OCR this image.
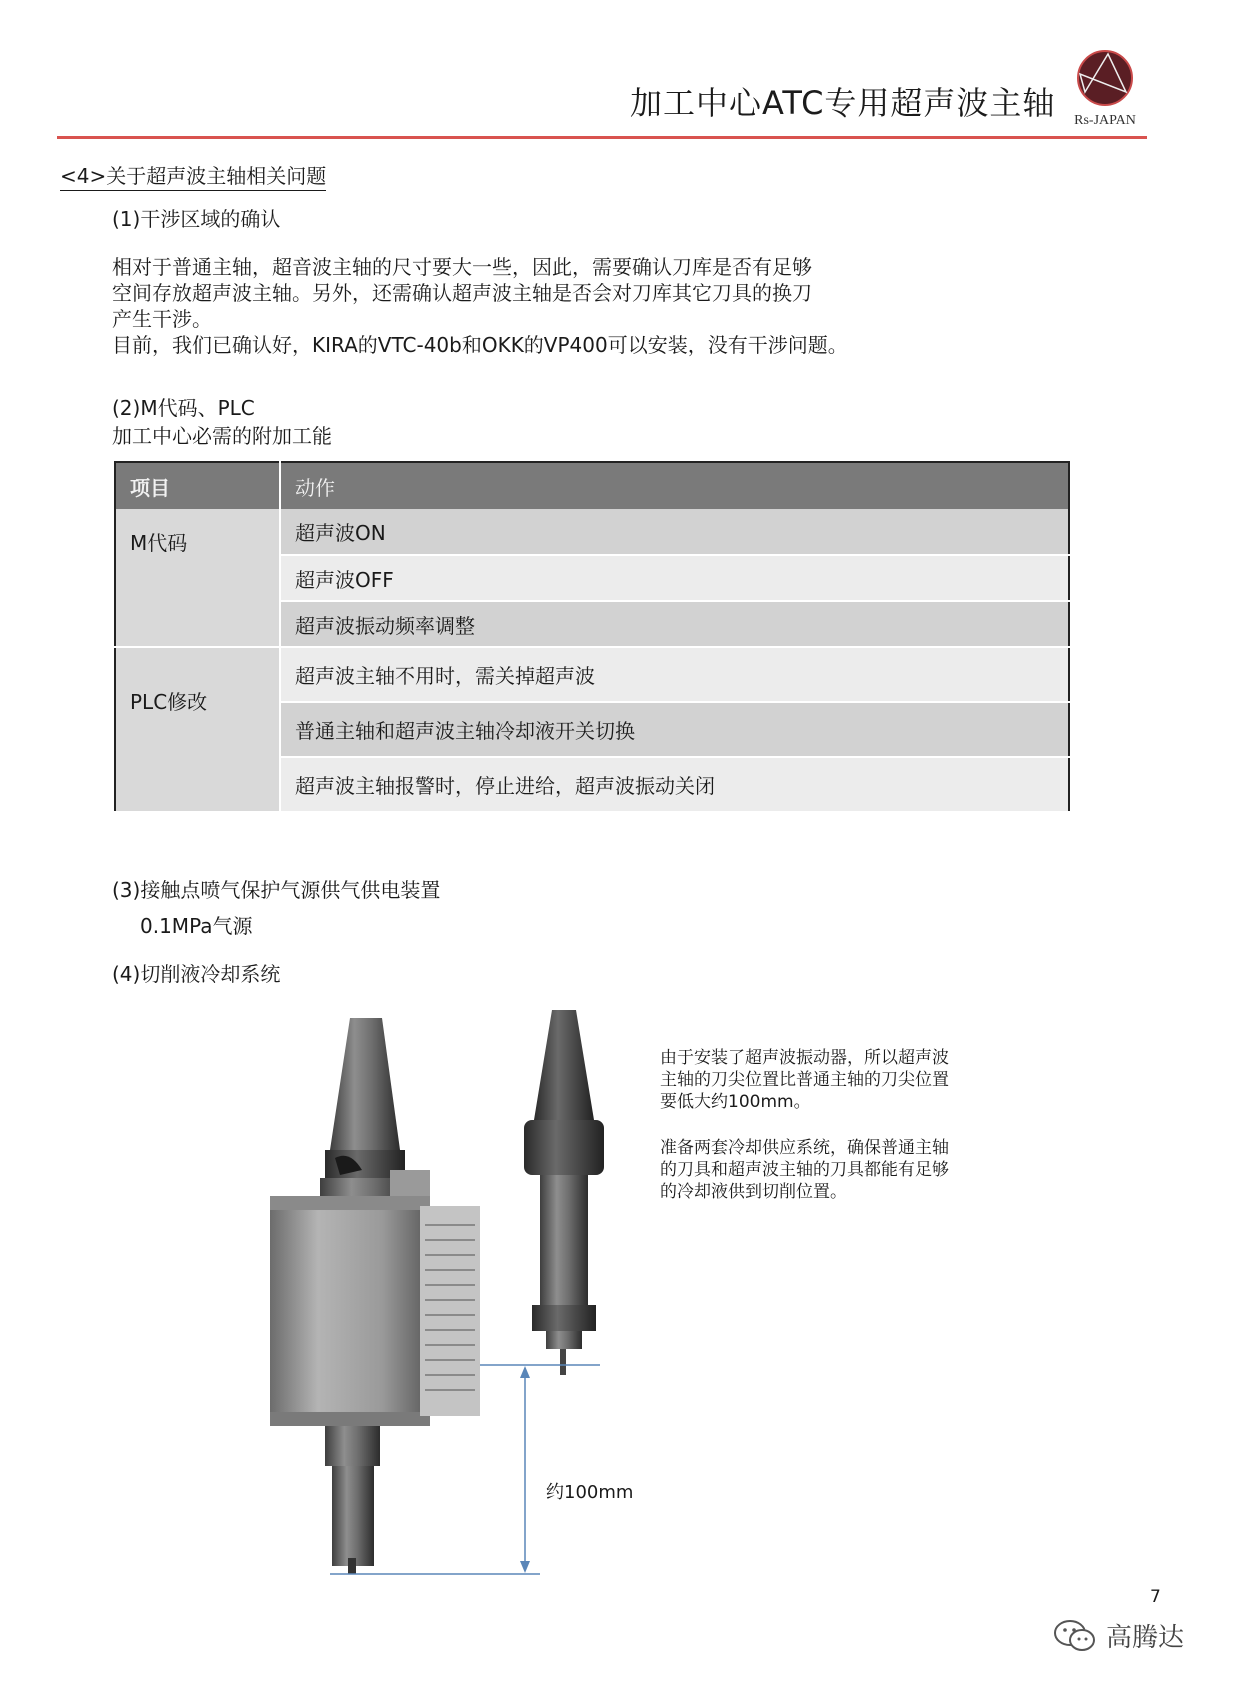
加工中心ATC专用超声波主轴 Rs-JAPAN
<4>关于超声波主轴相关问题
(1)干涉区域的确认
相对于普通主轴，超音波主轴的尺寸要大一些，因此，需要确认刀库是否有足够
空间存放超声波主轴。另外，还需确认超声波主轴是否会对刀库其它刀具的换刀
产生干涉。
目前，我们已确认好，KIRA的VTC-40b和OKK的VP400可以安装，没有干涉问题。
(2)M代码、PLC
加工中心必需的附加工能
项目	动作
M代码	超声波ON
	超声波OFF
	超声波振动频率调整
PLC修改	超声波主轴不用时，需关掉超声波
	普通主轴和超声波主轴冷却液开关切换
	超声波主轴报警时，停止进给，超声波振动关闭
(3)接触点喷气保护气源供气供电装置
0.1MPa气源
(4)切削液冷却系统
约100mm

由于安装了超声波振动器，所以超声波主轴的刀尖位置比普通主轴的刀尖位置要低大约100mm。

准备两套冷却供应系统，确保普通主轴的刀具和超声波主轴的刀具都能有足够的冷却液供到切削位置。

7
高腾达
